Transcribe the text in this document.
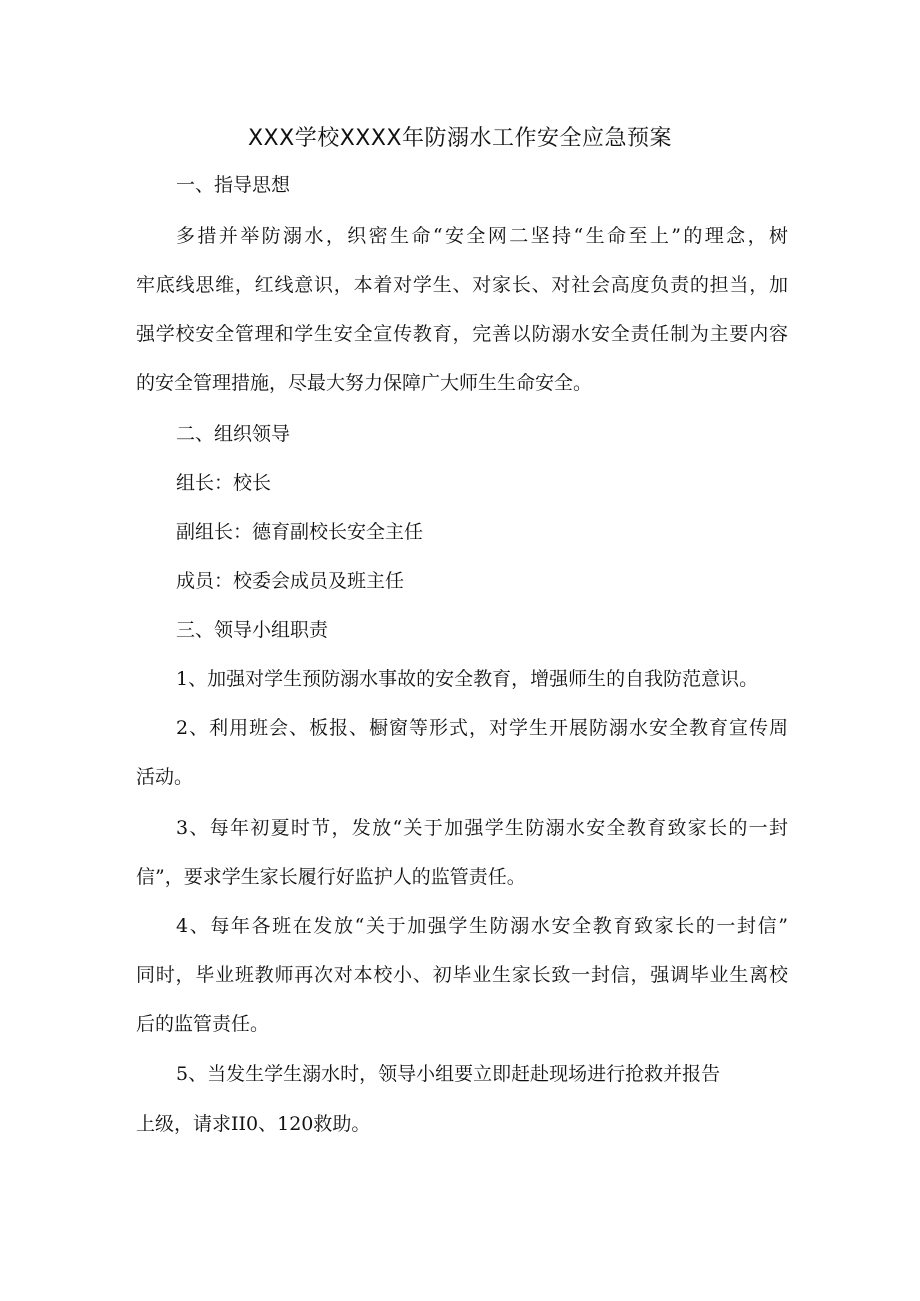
XXX学校XXXX年防溺水工作安全应急预案
一、指导思想
多措并举防溺水，织密生命“安全网二坚持“生命至上”的理念，树
牢底线思维，红线意识，本着对学生、对家长、对社会高度负责的担当，加
强学校安全管理和学生安全宣传教育，完善以防溺水安全责任制为主要内容
的安全管理措施，尽最大努力保障广大师生生命安全。
二、组织领导
组长：校长
副组长：德育副校长安全主任
成员：校委会成员及班主任
三、领导小组职责
1、加强对学生预防溺水事故的安全教育，增强师生的自我防范意识。
2、利用班会、板报、橱窗等形式，对学生开展防溺水安全教育宣传周
活动。
3、每年初夏时节，发放“关于加强学生防溺水安全教育致家长的一封
信”，要求学生家长履行好监护人的监管责任。
4、每年各班在发放“关于加强学生防溺水安全教育致家长的一封信”
同时，毕业班教师再次对本校小、初毕业生家长致一封信，强调毕业生离校
后的监管责任。
5、当发生学生溺水时，领导小组要立即赶赴现场进行抢救并报告
上级，请求II0、120救助。
